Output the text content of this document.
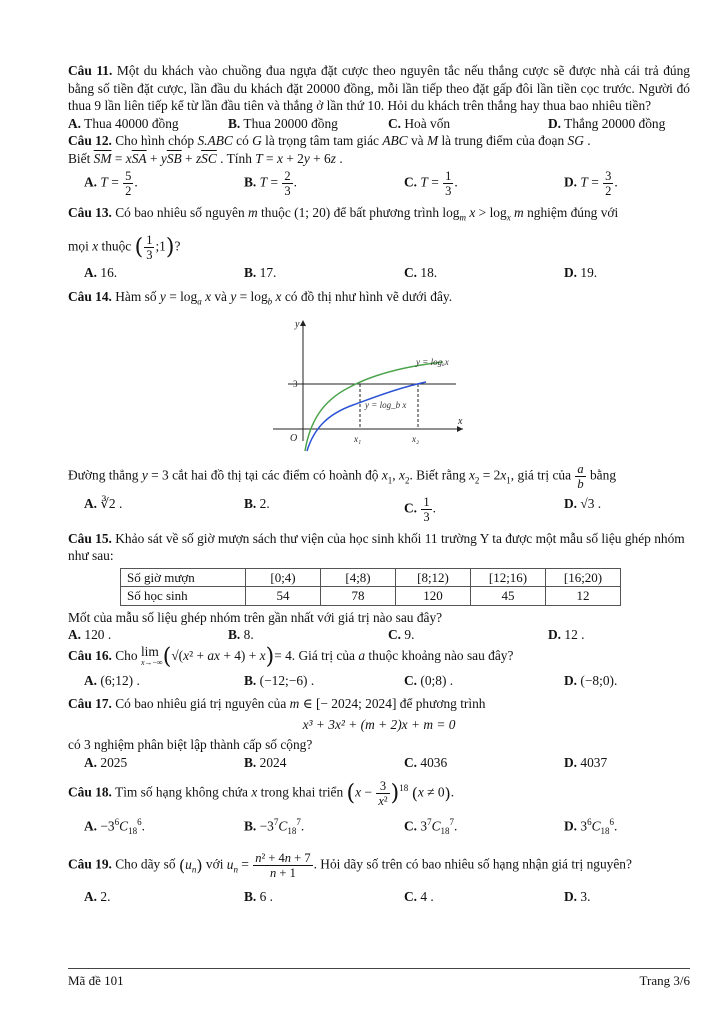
Câu 11. Một du khách vào chuồng đua ngựa đặt cược theo nguyên tắc nếu thắng cược sẽ được nhà cái trả đúng bằng số tiền đặt cược, lần đầu du khách đặt 20000 đồng, mỗi lần tiếp theo đặt gấp đôi lần tiền cọc trước. Người đó thua 9 lần liên tiếp kể từ lần đầu tiên và thắng ở lần thứ 10. Hỏi du khách trên thắng hay thua bao nhiêu tiền?

A. Thua 40000 đồng	B. Thua 20000 đồng	C. Hoà vốn	D. Thắng 20000 đồng

Câu 12. Cho hình chóp S.ABC có G là trọng tâm tam giác ABC và M là trung điểm của đoạn SG .

Biết $\overline{SM} = x\overline{SA} + y\overline{SB} + z\overline{SC}$ . Tính T = x + 2y + 6z .

A. $T = \frac{5}{2}$ .	B. $T = \frac{2}{3}$ .	C. $T = \frac{1}{3}$ .	D. $T = \frac{3}{2}$ .

Câu 13. Có bao nhiêu số nguyên m thuộc (1; 20) để bất phương trình $\log_m x > \log_x m$ nghiệm đúng với

mọi x thuộc ( $\frac{1}{3}$ ;1)?

A. 16.	B. 17.	C. 18.	D. 19.

Câu 14. Hàm số $y = \log_a x$ và $y = \log_b x$ có đồ thị như hình vẽ dưới đây.

y = logₐx
y = log_b x
3
O
x
y
x₁	x₂

Đường thẳng y = 3 cắt hai đồ thị tại các điểm có hoành độ $x_1$, $x_2$. Biết rằng $x_2 = 2x_1$, giá trị của $\frac{a}{b}$ bằng

A. ∛2 .	B. 2.	C. $\frac{1}{3}$ .	D. √3 .

Câu 15. Khảo sát về số giờ mượn sách thư viện của học sinh khối 11 trường Y ta được một mẫu số liệu ghép nhóm như sau:

Số giờ mượn	[0;4)	[4;8)	[8;12)	[12;16)	[16;20)
Số học sinh	54	78	120	45	12

Mốt của mẫu số liệu ghép nhóm trên gần nhất với giá trị nào sau đây?

A. 120 .	B. 8.	C. 9.	D. 12 .

Câu 16. Cho lim
x→−∞ (√(x² + ax + 4) + x)= 4. Giá trị của a thuộc khoảng nào sau đây?

A. (6;12) .	B. (−12;−6) .	C. (0;8) .	D. (−8;0).

Câu 17. Có bao nhiêu giá trị nguyên của m ∈ [− 2024; 2024] để phương trình

x³ + 3x² + (m + 2)x + m = 0

có 3 nghiệm phân biệt lập thành cấp số cộng?

A. 2025	B. 2024	C. 4036	D. 4037

Câu 18. Tìm số hạng không chứa x trong khai triển $(x - \frac{3}{\text{x²}} )^{18}$ (x ≠ 0).

A. $-3^6C_{18}^6$.	B. $-3^7C_{18}^7$.	C. $3^7C_{18}^7$.	D. $3^6C_{18}^6$.

Câu 19. Cho dãy số $(u_n)$ với $u_n = \frac{\text{n² + 4n + 7}}{n + 1}$ . Hỏi dãy số trên có bao nhiêu số hạng nhận giá trị nguyên?

A. 2.	B. 6 .	C. 4 .	D. 3.
Mã đề 101	Trang 3/6
